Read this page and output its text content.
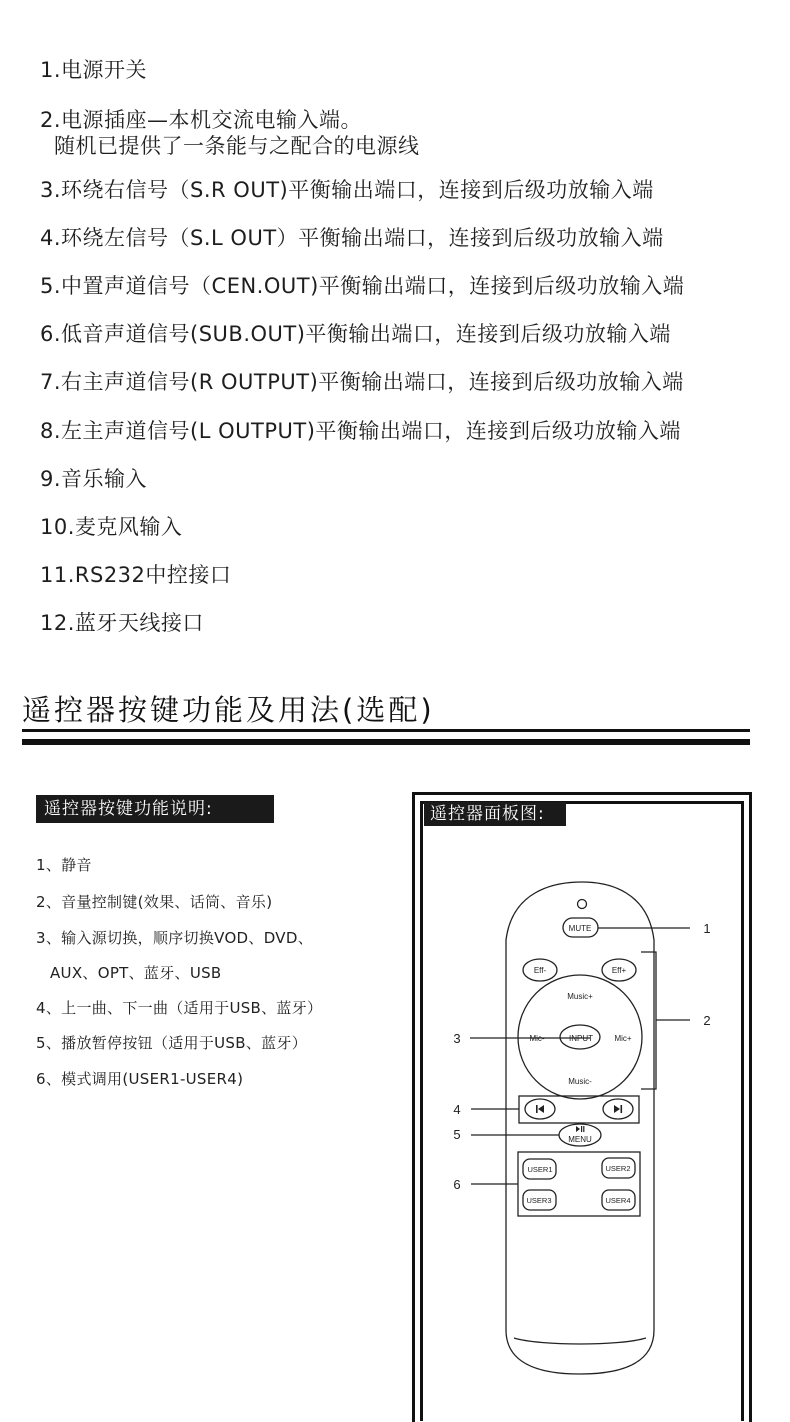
1.电源开关
2.电源插座—本机交流电输入端。
随机已提供了一条能与之配合的电源线
3.环绕右信号（S.R OUT)平衡输出端口，连接到后级功放输入端
4.环绕左信号（S.L OUT）平衡输出端口，连接到后级功放输入端
5.中置声道信号（CEN.OUT)平衡输出端口，连接到后级功放输入端
6.低音声道信号(SUB.OUT)平衡输出端口，连接到后级功放输入端
7.右主声道信号(R OUTPUT)平衡输出端口，连接到后级功放输入端
8.左主声道信号(L OUTPUT)平衡输出端口，连接到后级功放输入端
9.音乐输入
10.麦克风输入
11.RS232中控接口
12.蓝牙天线接口
遥控器按键功能及用法(选配)
遥控器按键功能说明:
1、静音
2、音量控制键(效果、话筒、音乐)
3、输入源切换，顺序切换VOD、DVD、
AUX、OPT、蓝牙、USB
4、上一曲、下一曲（适用于USB、蓝牙）
5、播放暂停按钮（适用于USB、蓝牙）
6、模式调用(USER1-USER4)
遥控器面板图:
MUTE
Eff-	Eff+
Music+
Music-
Mic-	Mic+
INPUT
MENU
USER1	USER2
USER3	USER4
1
2
3
4
5
6
